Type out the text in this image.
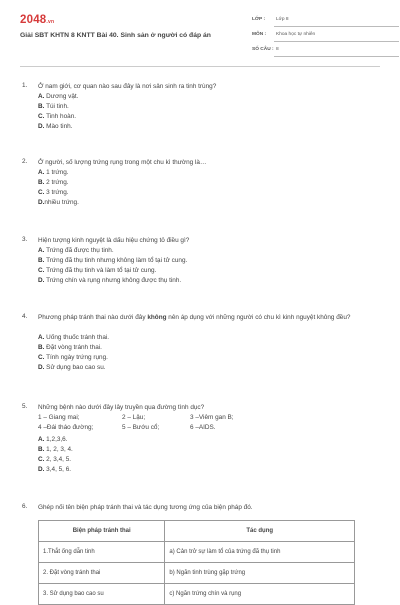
2048.vn
Giải SBT KHTN 8 KNTT Bài 40. Sinh sản ở người có đáp án
LỚP : Lớp 8
MÔN : Khoa học tự nhiên
SỐ CÂU : 8
1. Ở nam giới, cơ quan nào sau đây là nơi sản sinh ra tinh trùng?
A. Dương vật.
B. Túi tinh.
C. Tinh hoàn.
D. Mào tinh.
2. Ở người, số lượng trứng rụng trong một chu kì thường là…
A. 1 trứng.
B. 2 trứng.
C. 3 trứng.
D.nhiều trứng.
3. Hiện tượng kinh nguyệt là dấu hiệu chứng tỏ điều gì?
A. Trứng đã được thụ tinh.
B. Trứng đã thụ tinh nhưng không làm tổ tại tử cung.
C. Trứng đã thụ tinh và làm tổ tại tử cung.
D. Trứng chín và rụng nhưng không được thụ tinh.
4. Phương pháp tránh thai nào dưới đây không nên áp dụng với những người có chu kì kinh nguyệt không đều?
A. Uống thuốc tránh thai.
B. Đặt vòng tránh thai.
C. Tính ngày trứng rụng.
D. Sử dụng bao cao su.
5. Những bệnh nào dưới đây lây truyền qua đường tình dục?
1 – Giang mai;	2 – Lậu;	3 –Viêm gan B;
4 –Đái tháo đường;	5 – Bướu cổ;	6 –AIDS.
A. 1,2,3,6.
B. 1, 2, 3, 4.
C. 2, 3,4, 5.
D. 3,4, 5, 6.
6. Ghép nối tên biện pháp tránh thai và tác dụng tương ứng của biện pháp đó.
Biện pháp tránh thai	Tác dụng
1.Thắt ống dẫn tinh	a) Cản trở sự làm tổ của trứng đã thụ tinh
2. Đặt vòng tránh thai	b) Ngăn tinh trùng gặp trứng
3. Sử dụng bao cao su	c) Ngăn trứng chín và rụng
